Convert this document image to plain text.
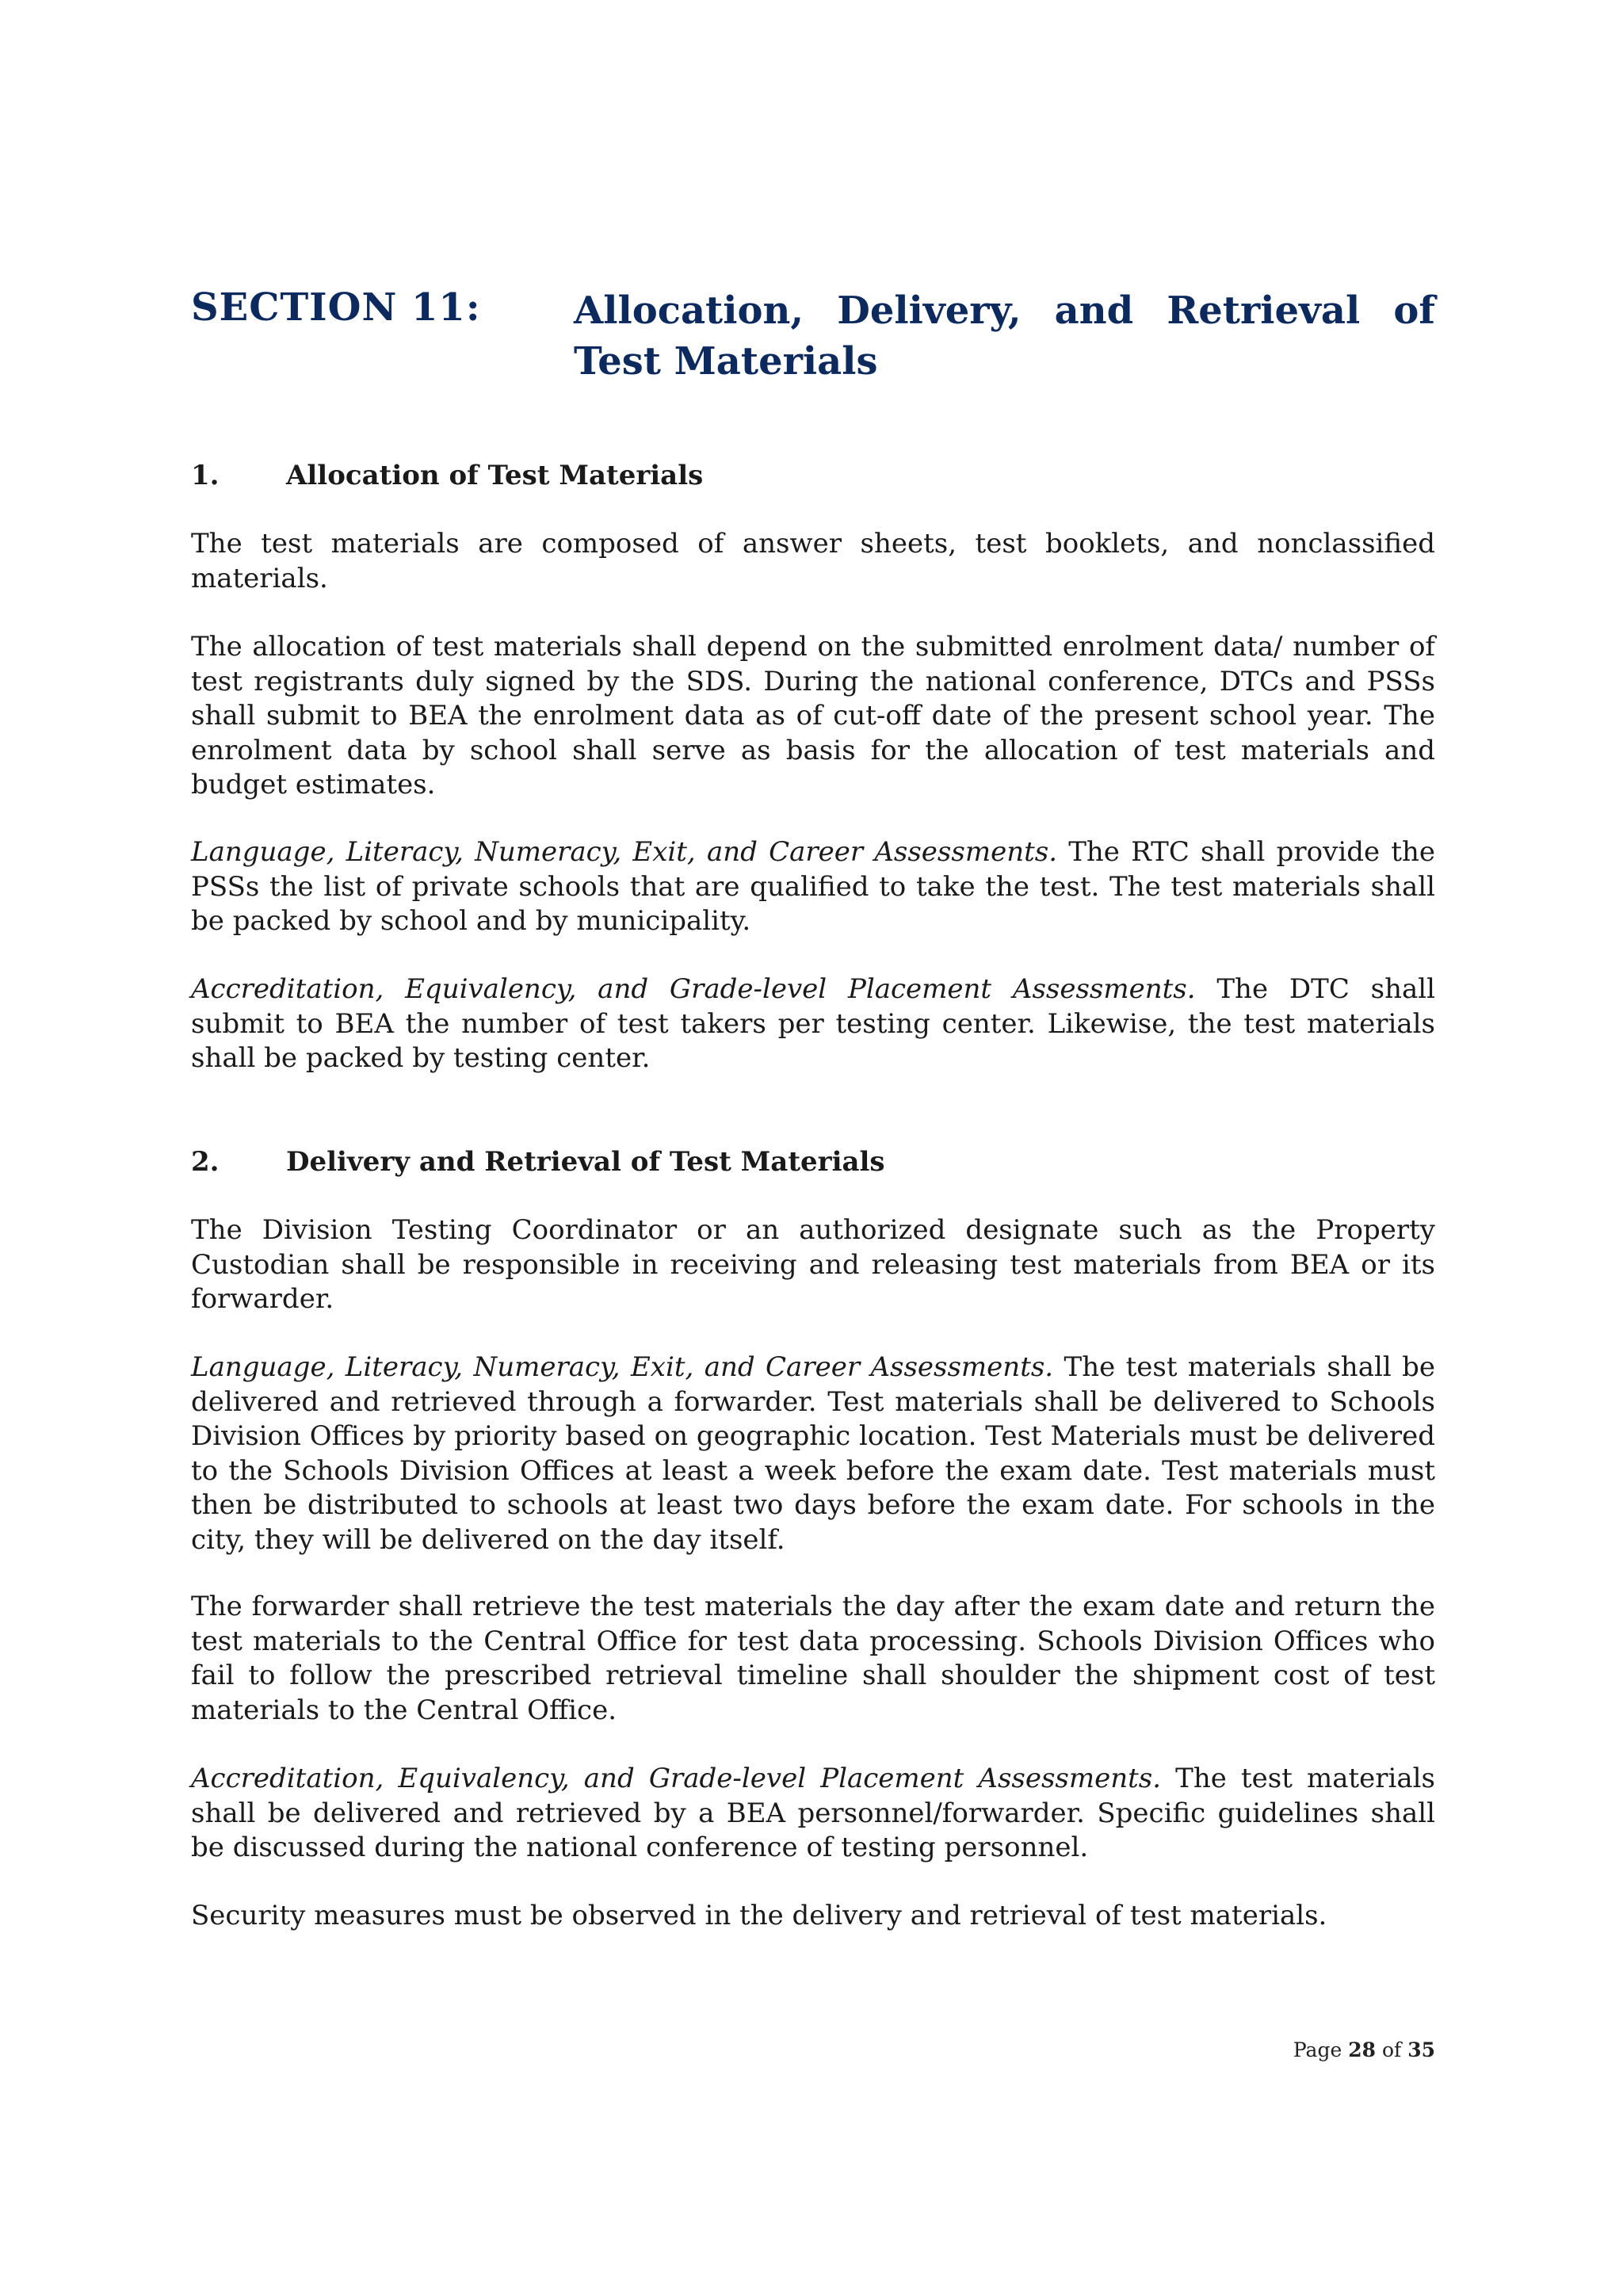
SECTION 11: Allocation, Delivery, and Retrieval of Test Materials
1. Allocation of Test Materials

The test materials are composed of answer sheets, test booklets, and nonclassified materials.

The allocation of test materials shall depend on the submitted enrolment data/ number of test registrants duly signed by the SDS. During the national conference, DTCs and PSSs shall submit to BEA the enrolment data as of cut-off date of the present school year. The enrolment data by school shall serve as basis for the allocation of test materials and budget estimates.

Language, Literacy, Numeracy, Exit, and Career Assessments. The RTC shall provide the PSSs the list of private schools that are qualified to take the test. The test materials shall be packed by school and by municipality.

Accreditation, Equivalency, and Grade-level Placement Assessments. The DTC shall submit to BEA the number of test takers per testing center. Likewise, the test materials shall be packed by testing center.

2. Delivery and Retrieval of Test Materials

The Division Testing Coordinator or an authorized designate such as the Property Custodian shall be responsible in receiving and releasing test materials from BEA or its forwarder.

Language, Literacy, Numeracy, Exit, and Career Assessments. The test materials shall be delivered and retrieved through a forwarder. Test materials shall be delivered to Schools Division Offices by priority based on geographic location. Test Materials must be delivered to the Schools Division Offices at least a week before the exam date. Test materials must then be distributed to schools at least two days before the exam date. For schools in the city, they will be delivered on the day itself.

The forwarder shall retrieve the test materials the day after the exam date and return the test materials to the Central Office for test data processing. Schools Division Offices who fail to follow the prescribed retrieval timeline shall shoulder the shipment cost of test materials to the Central Office.

Accreditation, Equivalency, and Grade-level Placement Assessments. The test materials shall be delivered and retrieved by a BEA personnel/forwarder. Specific guidelines shall be discussed during the national conference of testing personnel.

Security measures must be observed in the delivery and retrieval of test materials.

Page 28 of 35
